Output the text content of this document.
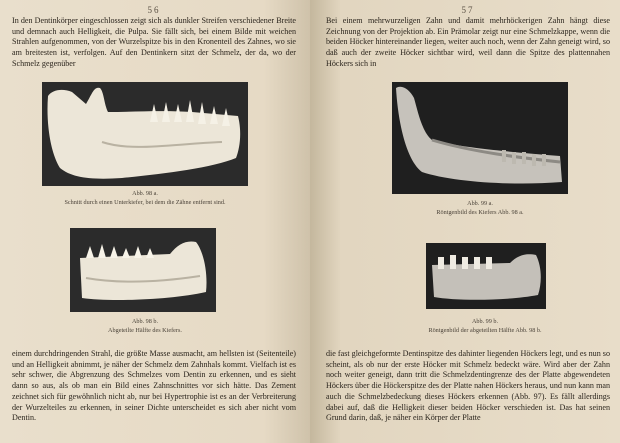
56

In den Dentinkörper eingeschlossen zeigt sich als dunkler Streifen verschiedener Breite und demnach auch Helligkeit, die Pulpa. Sie fällt sich, bei einem Bilde mit weichen Strahlen aufgenommen, von der Wurzelspitze bis in den Kronenteil des Zahnes, wo sie am breitesten ist, verfolgen. Auf den Dentinkern sitzt der Schmelz, der da, wo der Schmelz gegenüber

Abb. 98 a.
Schnitt durch einen Unterkiefer, bei dem die Zähne entfernt sind.
Abb. 98 b.
Abgeteilte Hälfte des Kiefers.

einem durchdringenden Strahl, die größte Masse ausmacht, am hellsten ist (Seitenteile) und an Helligkeit abnimmt, je näher der Schmelz dem Zahnhals kommt. Vielfach ist es sehr schwer, die Abgrenzung des Schmelzes vom Dentin zu erkennen, und es sieht dann so aus, als ob man ein Bild eines Zahnschnittes vor sich hätte. Das Zement zeichnet sich für gewöhnlich nicht ab, nur bei Hypertrophie ist es an der Verbreiterung der Wurzelteiles zu erkennen, in seiner Dichte unterscheidet es sich aber nicht vom Dentin.

57

Bei einem mehrwurzeligen Zahn und damit mehrhöckerigen Zahn hängt diese Zeichnung von der Projektion ab. Ein Prämolar zeigt nur eine Schmelzkappe, wenn die beiden Höcker hintereinander liegen, weiter auch noch, wenn der Zahn geneigt wird, so daß auch der zweite Höcker sichtbar wird, weil dann die Spitze des plattennahen Höckers sich in

Abb. 99 a.
Röntgenbild des Kiefers Abb. 98 a.
Abb. 99 b.
Röntgenbild der abgeteilten Hälfte Abb. 98 b.

die fast gleichgeformte Dentinspitze des dahinter liegenden Höckers legt, und es nun so scheint, als ob nur der erste Höcker mit Schmelz bedeckt wäre. Wird aber der Zahn noch weiter geneigt, dann tritt die Schmelzdentingrenze des der Platte abgewendeten Höckers über die Höckerspitze des der Platte nahen Höckers heraus, und nun kann man auch die Schmelzbedeckung dieses Höckers erkennen (Abb. 97). Es fällt allerdings dabei auf, daß die Helligkeit dieser beiden Höcker verschieden ist. Das hat seinen Grund darin, daß, je näher ein Körper der Platte
